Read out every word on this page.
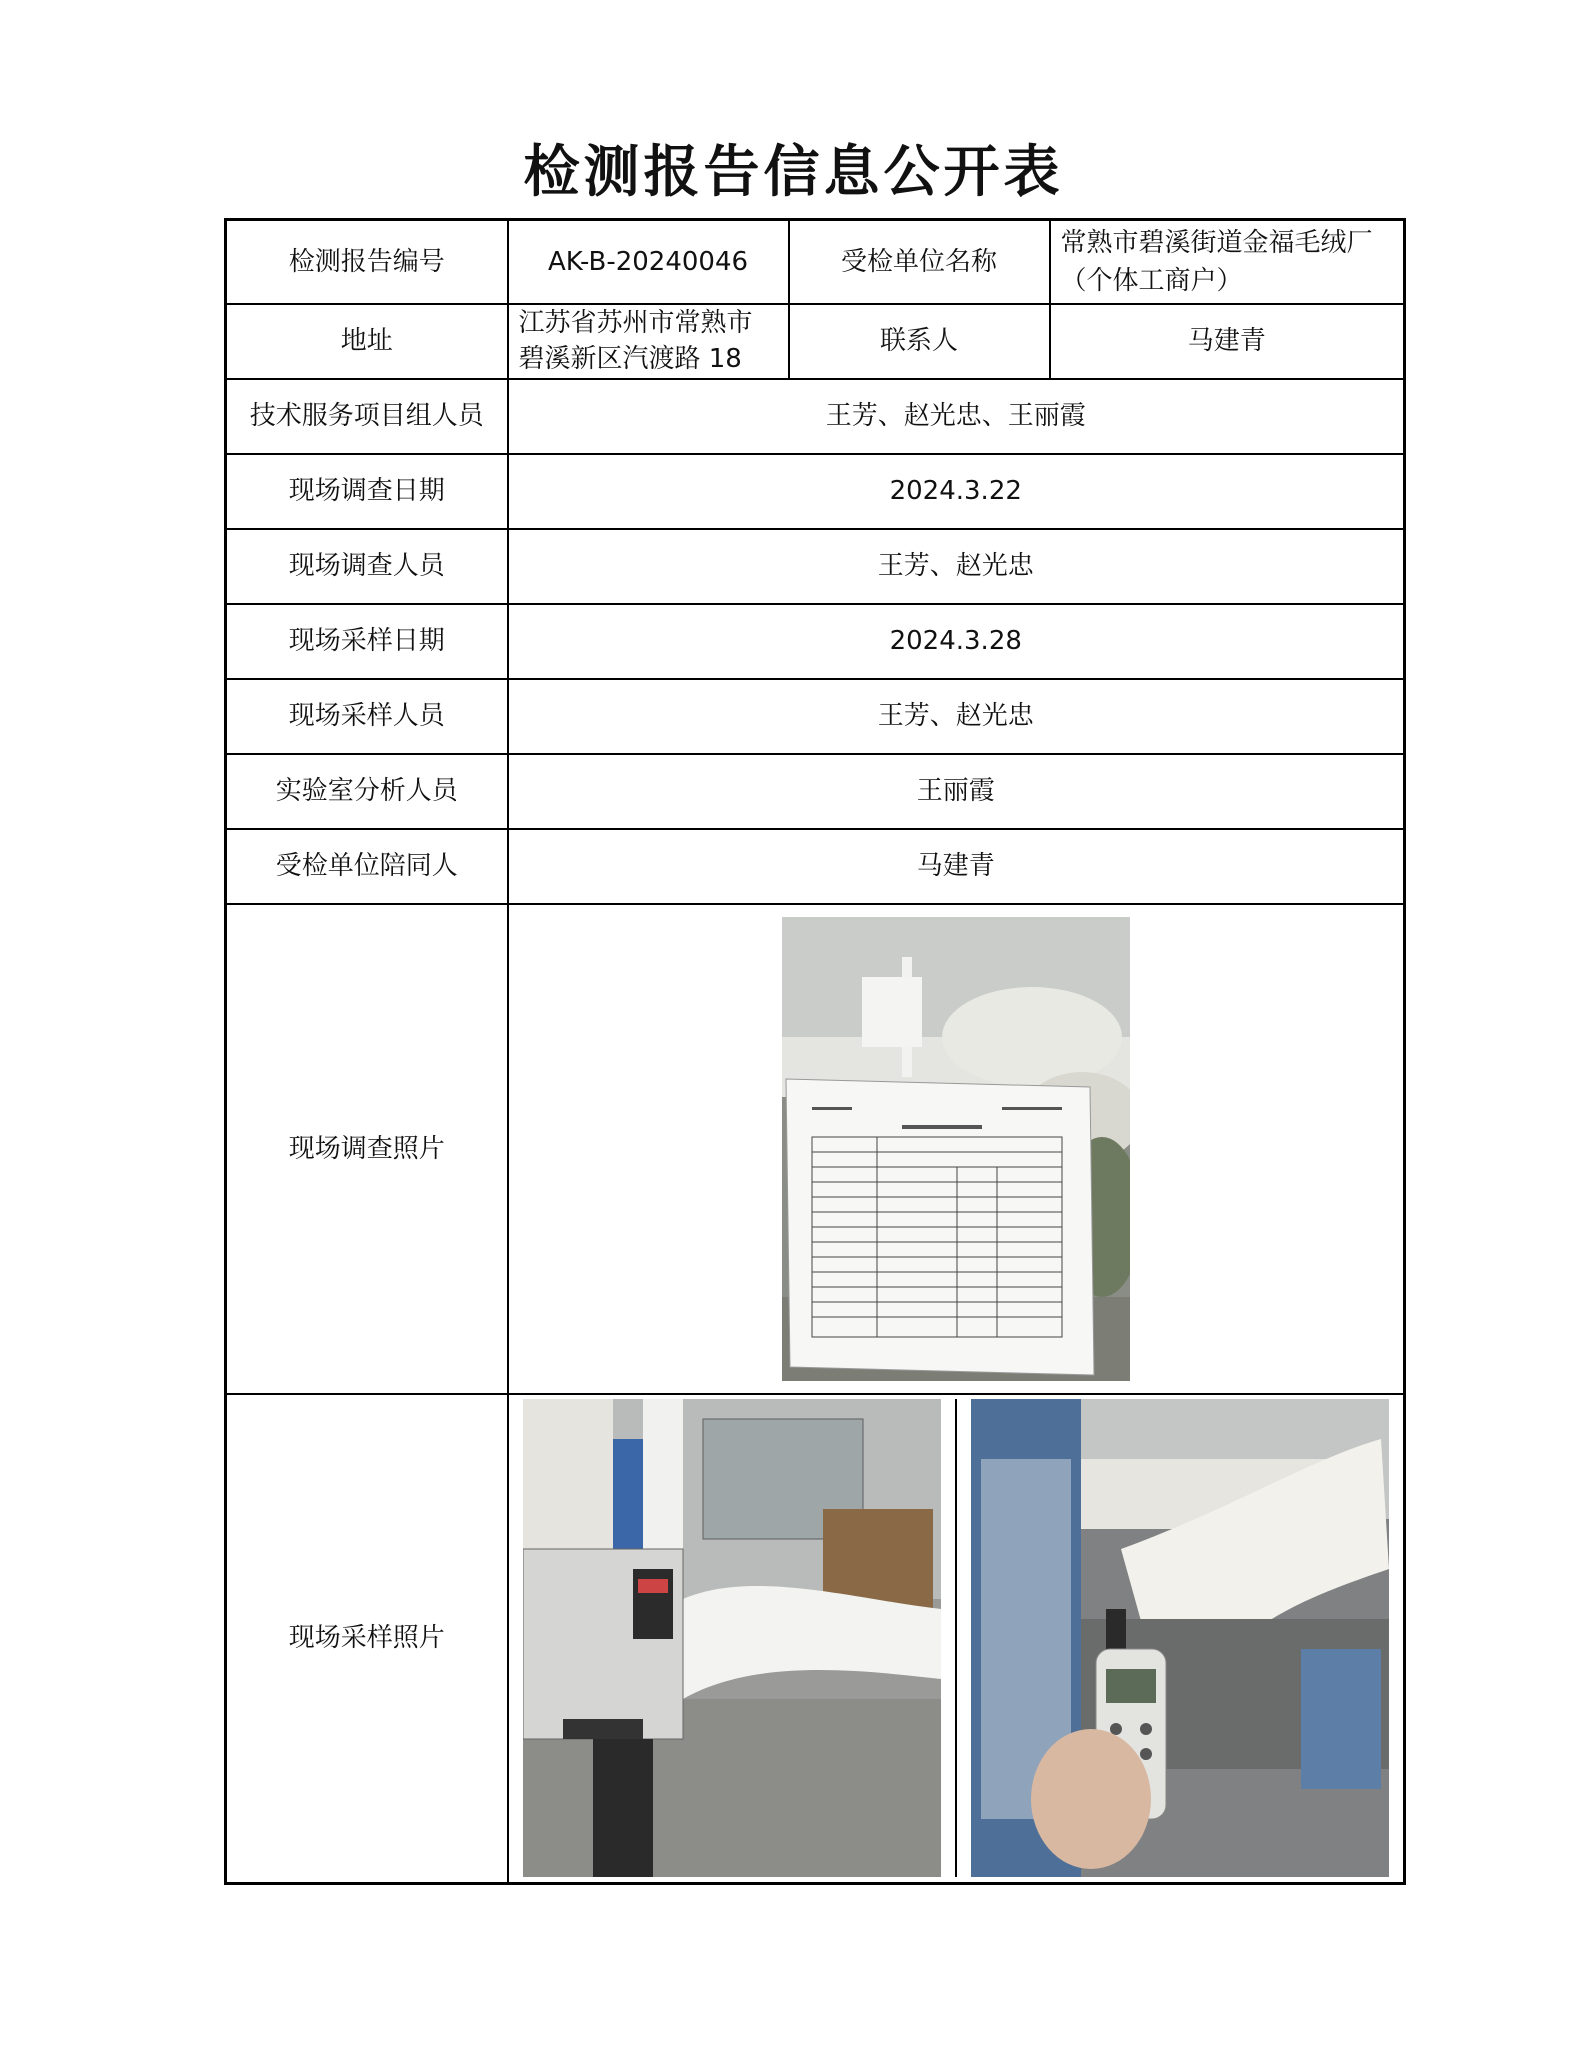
检测报告信息公开表
检测报告编号	AK-B-20240046	受检单位名称	常熟市碧溪街道金福毛绒厂（个体工商户）
地址	江苏省苏州市常熟市碧溪新区汽渡路 18	联系人	马建青
技术服务项目组人员	王芳、赵光忠、王丽霞		
现场调查日期	2024.3.22		
现场调查人员	王芳、赵光忠		
现场采样日期	2024.3.28		
现场采样人员	王芳、赵光忠		
实验室分析人员	王丽霞		
受检单位陪同人	马建青		
现场调查照片	

现场采样照片	
